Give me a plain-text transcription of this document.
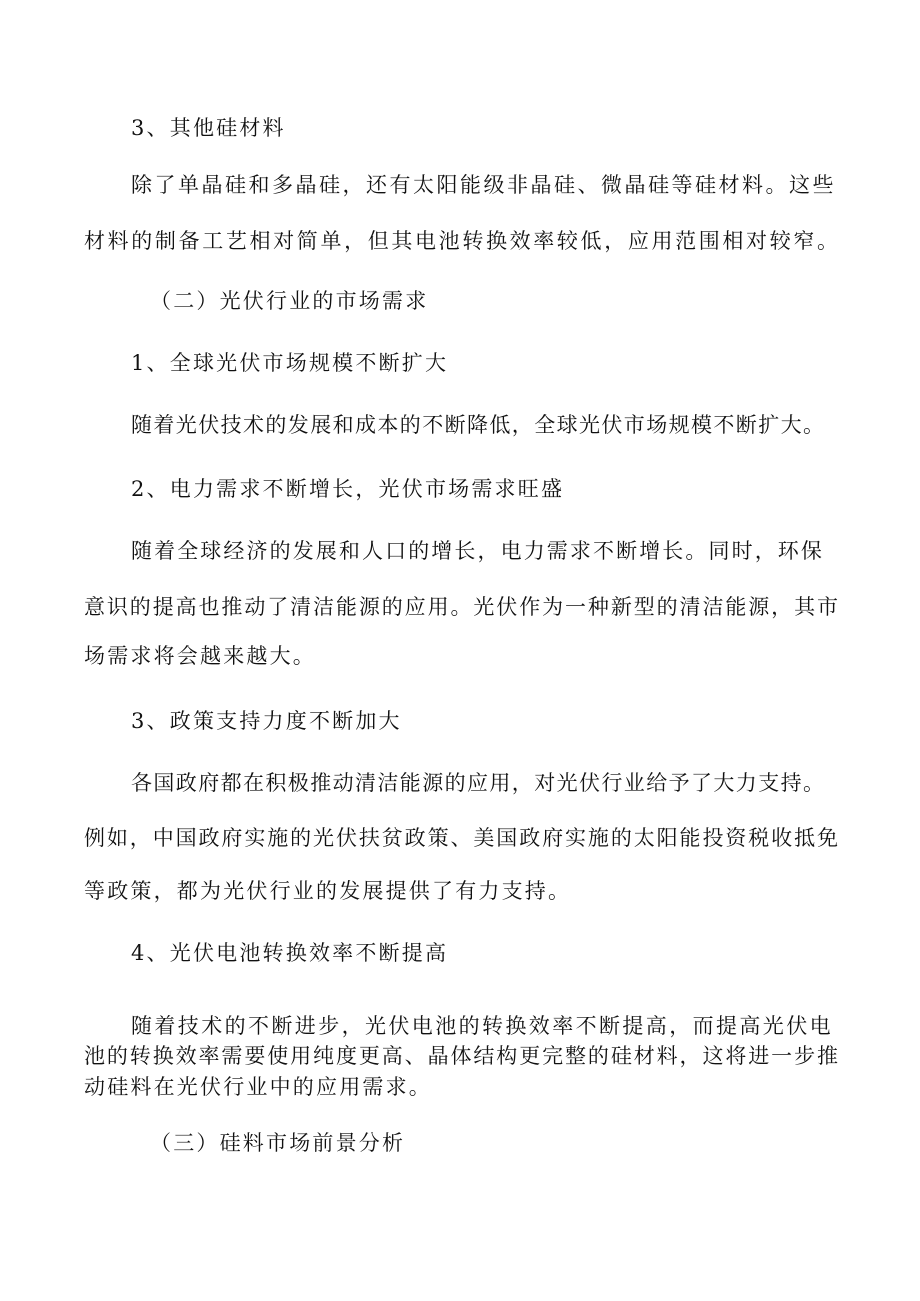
3、其他硅材料
除了单晶硅和多晶硅，还有太阳能级非晶硅、微晶硅等硅材料。这些
材料的制备工艺相对简单，但其电池转换效率较低，应用范围相对较窄。
（二）光伏行业的市场需求
1、全球光伏市场规模不断扩大
随着光伏技术的发展和成本的不断降低，全球光伏市场规模不断扩大。
2、电力需求不断增长，光伏市场需求旺盛
随着全球经济的发展和人口的增长，电力需求不断增长。同时，环保
意识的提高也推动了清洁能源的应用。光伏作为一种新型的清洁能源，其市
场需求将会越来越大。
3、政策支持力度不断加大
各国政府都在积极推动清洁能源的应用，对光伏行业给予了大力支持。
例如，中国政府实施的光伏扶贫政策、美国政府实施的太阳能投资税收抵免
等政策，都为光伏行业的发展提供了有力支持。
4、光伏电池转换效率不断提高
随着技术的不断进步，光伏电池的转换效率不断提高，而提高光伏电
池的转换效率需要使用纯度更高、晶体结构更完整的硅材料，这将进一步推
动硅料在光伏行业中的应用需求。
（三）硅料市场前景分析
